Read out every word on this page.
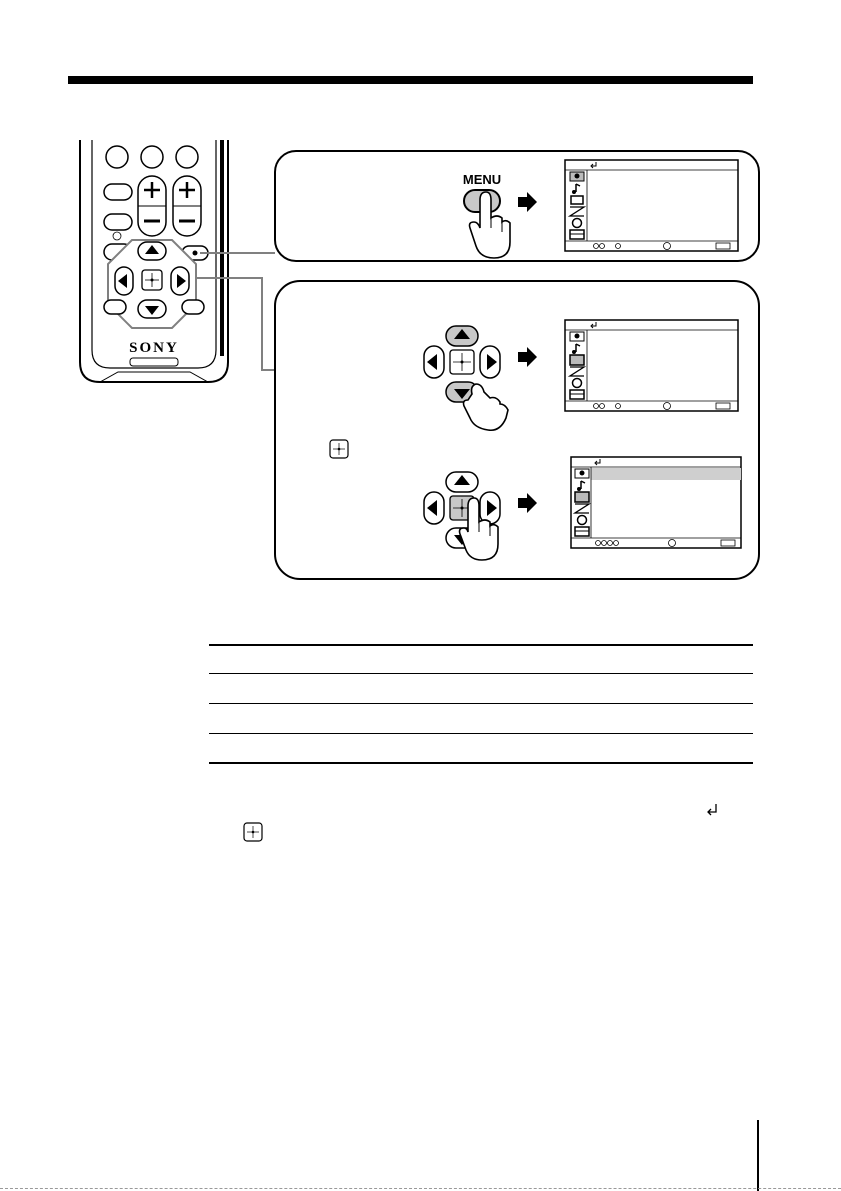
SONY
MENU
